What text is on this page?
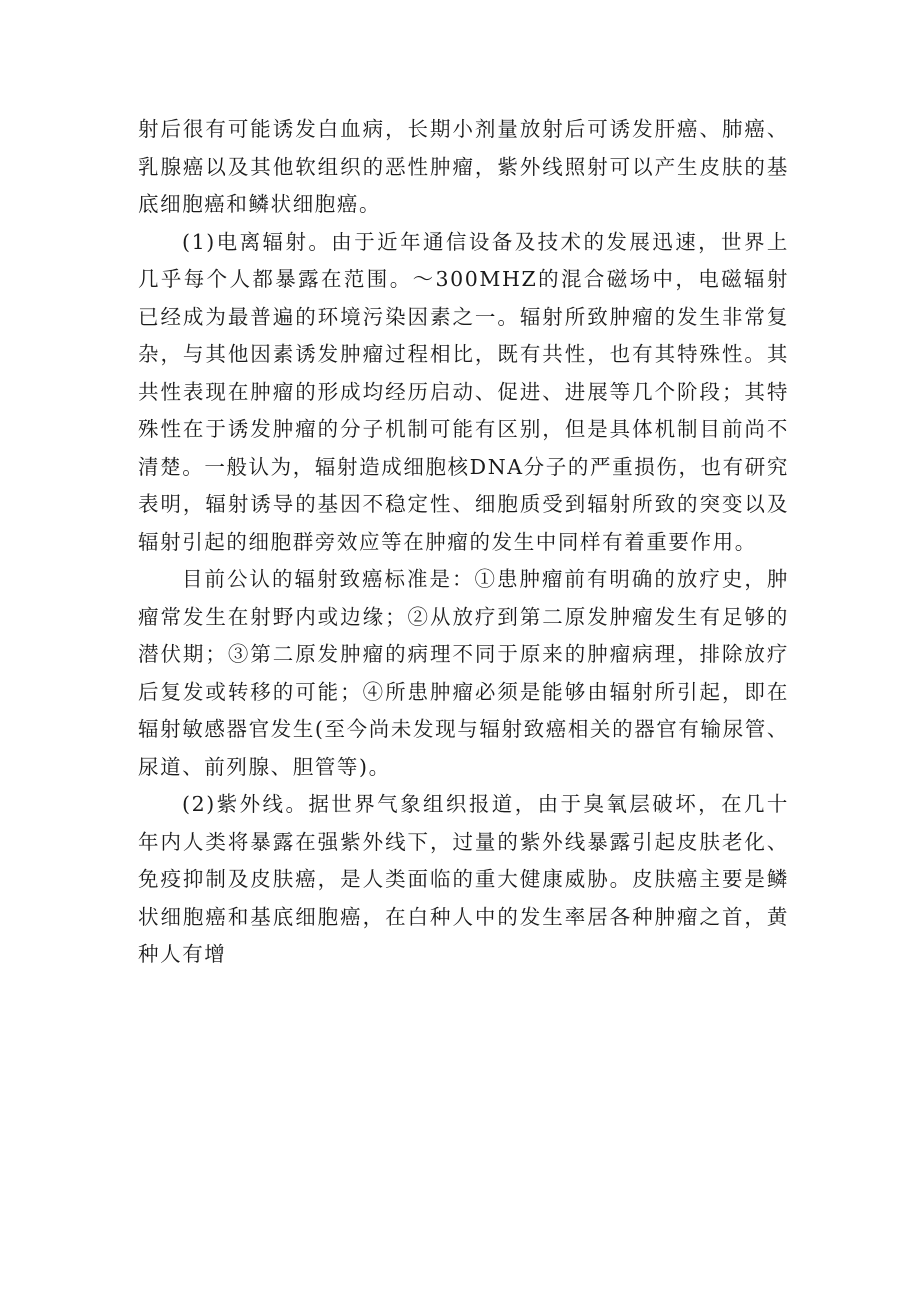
射后很有可能诱发白血病，长期小剂量放射后可诱发肝癌、肺癌、乳腺癌以及其他软组织的恶性肿瘤，紫外线照射可以产生皮肤的基底细胞癌和鳞状细胞癌。

(1)电离辐射。由于近年通信设备及技术的发展迅速，世界上几乎每个人都暴露在范围。～300MHZ的混合磁场中，电磁辐射已经成为最普遍的环境污染因素之一。辐射所致肿瘤的发生非常复杂，与其他因素诱发肿瘤过程相比，既有共性，也有其特殊性。其共性表现在肿瘤的形成均经历启动、促进、进展等几个阶段；其特殊性在于诱发肿瘤的分子机制可能有区别，但是具体机制目前尚不清楚。一般认为，辐射造成细胞核DNA分子的严重损伤，也有研究表明，辐射诱导的基因不稳定性、细胞质受到辐射所致的突变以及辐射引起的细胞群旁效应等在肿瘤的发生中同样有着重要作用。

目前公认的辐射致癌标准是：①患肿瘤前有明确的放疗史，肿瘤常发生在射野内或边缘；②从放疗到第二原发肿瘤发生有足够的潜伏期；③第二原发肿瘤的病理不同于原来的肿瘤病理，排除放疗后复发或转移的可能；④所患肿瘤必须是能够由辐射所引起，即在辐射敏感器官发生(至今尚未发现与辐射致癌相关的器官有输尿管、尿道、前列腺、胆管等)。

(2)紫外线。据世界气象组织报道，由于臭氧层破坏，在几十年内人类将暴露在强紫外线下，过量的紫外线暴露引起皮肤老化、免疫抑制及皮肤癌，是人类面临的重大健康威胁。皮肤癌主要是鳞状细胞癌和基底细胞癌，在白种人中的发生率居各种肿瘤之首，黄种人有增
